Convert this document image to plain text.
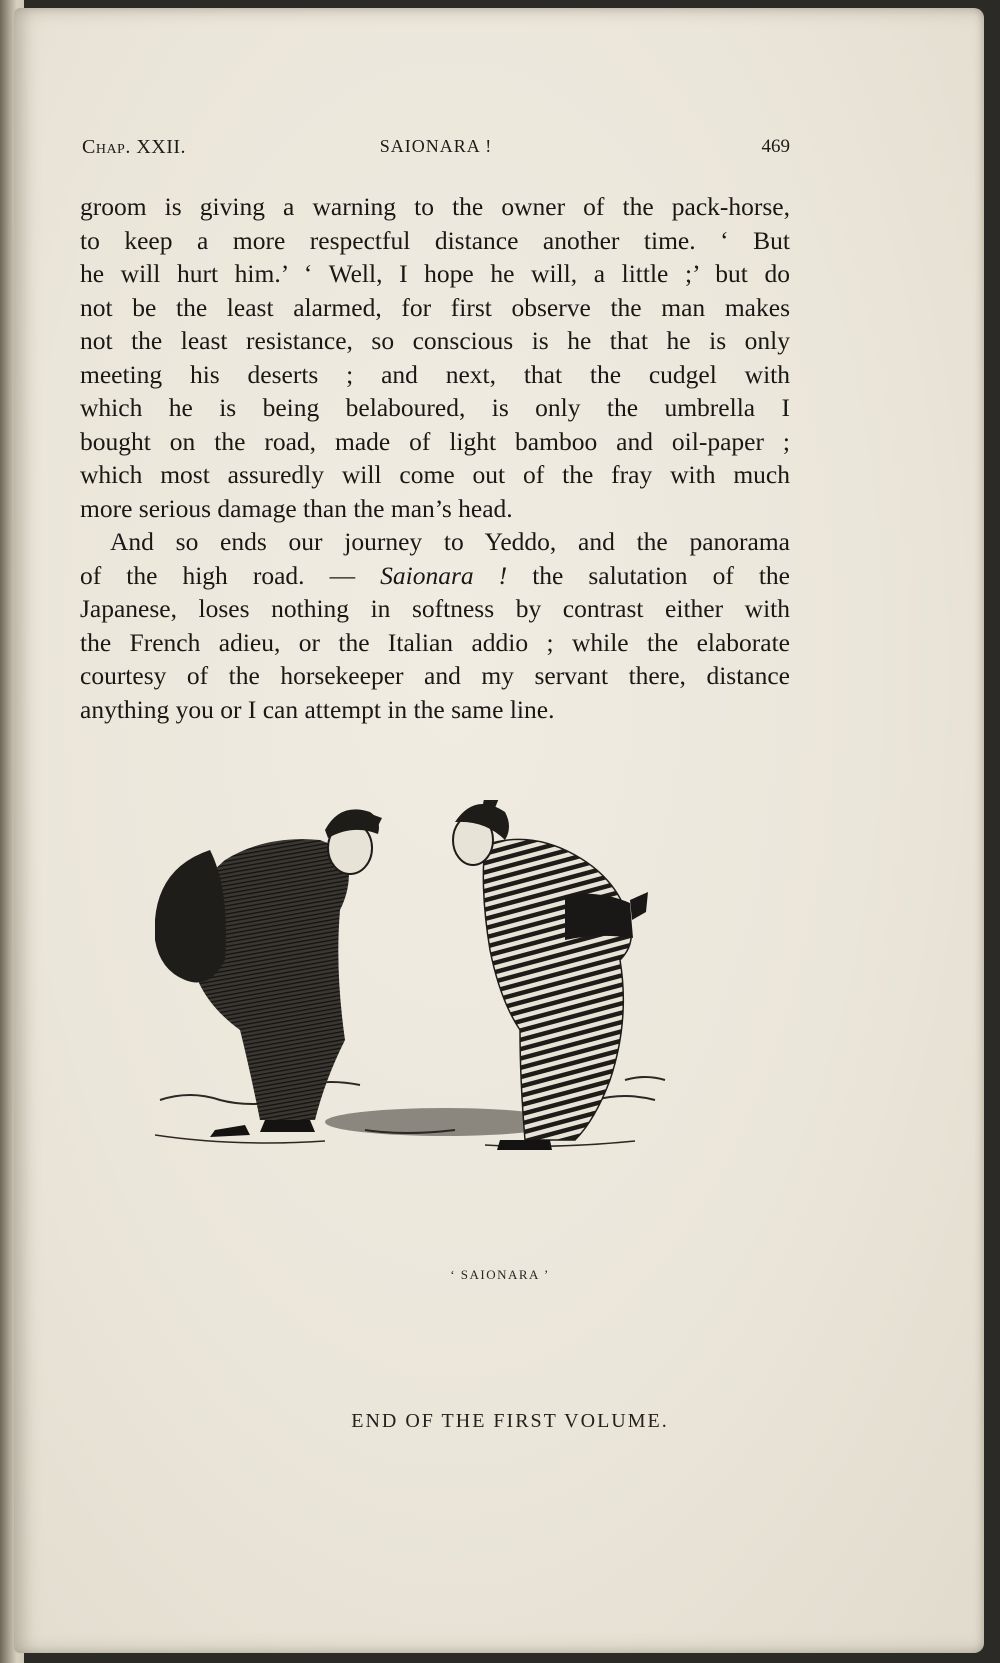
Chap. XXII.	SAIONARA !	469

groom is giving a warning to the owner of the pack-horse,

to keep a more respectful distance another time. ‘ But

he will hurt him.’ ‘ Well, I hope he will, a little ;’ but do

not be the least alarmed, for first observe the man makes

not the least resistance, so conscious is he that he is only

meeting his deserts ; and next, that the cudgel with

which he is being belaboured, is only the umbrella I

bought on the road, made of light bamboo and oil-paper ;

which most assuredly will come out of the fray with much

more serious damage than the man’s head.

And so ends our journey to Yeddo, and the panorama

of the high road. — Saionara ! the salutation of the

Japanese, loses nothing in softness by contrast either with

the French adieu, or the Italian addio ; while the elaborate

courtesy of the horsekeeper and my servant there, distance

anything you or I can attempt in the same line.

‘ SAIONARA ’
END OF THE FIRST VOLUME.
